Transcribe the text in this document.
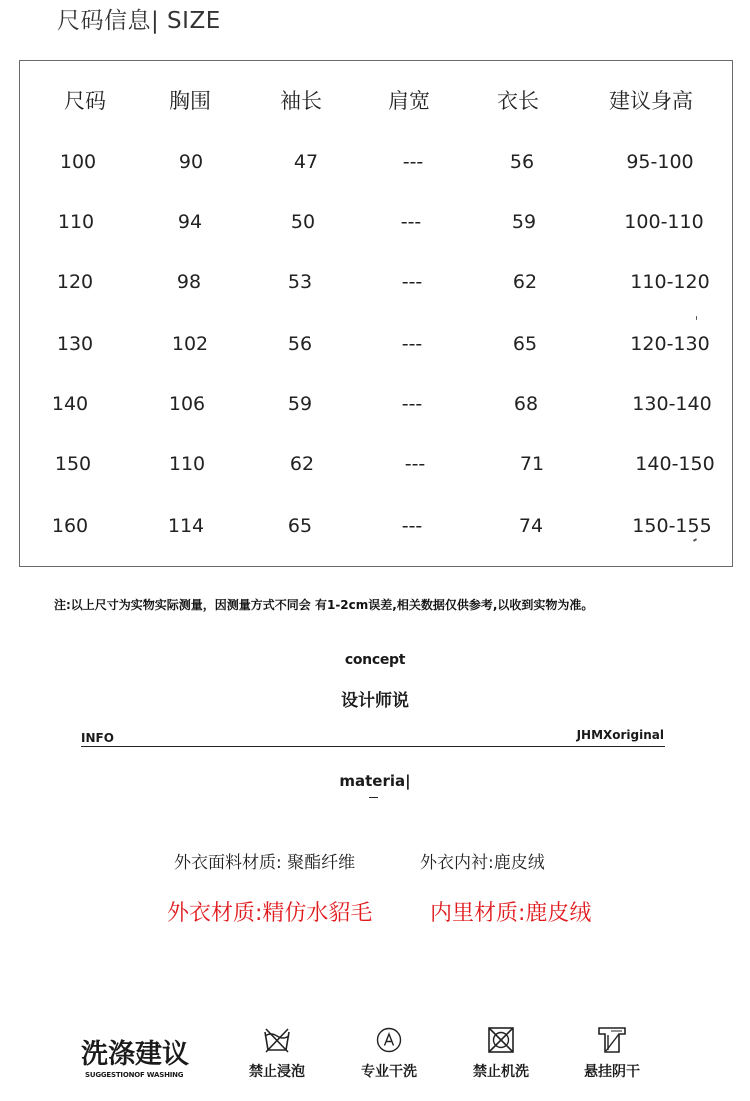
尺码信息| SIZE
尺码	胸围	袖长	肩宽	衣长	建议身高
100	90	47	---	56	95-100
110	94	50	---	59	100-110
120	98	53	---	62	110-120
130	102	56	---	65	120-130
140	106	59	---	68	130-140
150	110	62	---	71	140-150
160	114	65	---	74	150-155
注:以上尺寸为实物实际测量，因测量方式不同会 有1-2cm误差,相关数据仅供参考,以收到实物为准。
concept
设计师说
INFO	JHMXoriginal
materia|
外衣面料材质: 聚酯纤维	外衣内衬:鹿皮绒
外衣材质:精仿水貂毛	内里材质:鹿皮绒
洗涤建议
SUGGESTIONOF WASHING	禁止浸泡	专业干洗	禁止机洗	悬挂阴干
